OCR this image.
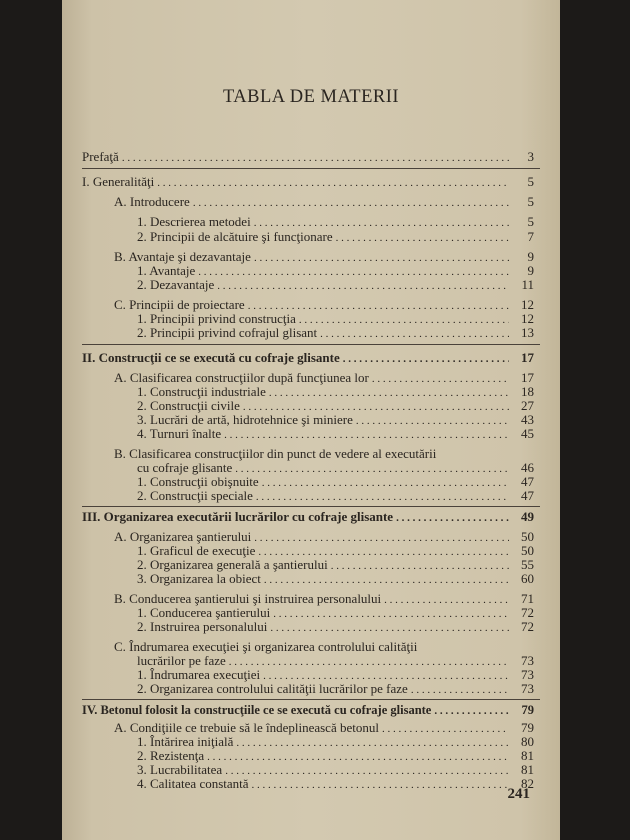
TABLA DE MATERII
Prefaţă . . .	3
I. Generalităţi . . .	5
A. Introducere . . .	5
1. Descrierea metodei . . .	5
2. Principii de alcătuire şi funcţionare . . .	7
B. Avantaje şi dezavantaje . . .	9
1. Avantaje . . .	9
2. Dezavantaje . . .	11
C. Principii de proiectare . . .	12
1. Principii privind construcţia . . .	12
2. Principii privind cofrajul glisant . . .	13
II. Construcţii ce se execută cu cofraje glisante . . .	17
A. Clasificarea construcţiilor după funcţiunea lor . . .	17
1. Construcţii industriale . . .	18
2. Construcţii civile . . .	27
3. Lucrări de artă, hidrotehnice şi miniere . . .	43
4. Turnuri înalte . . .	45
B. Clasificarea construcţiilor din punct de vedere al executării
cu cofraje glisante . . .	46
1. Construcţii obişnuite . . .	47
2. Construcţii speciale . . .	47
III. Organizarea executării lucrărilor cu cofraje glisante . . .	49
A. Organizarea şantierului . . .	50
1. Graficul de execuţie . . .	50
2. Organizarea generală a şantierului . . .	55
3. Organizarea la obiect . . .	60
B. Conducerea şantierului şi instruirea personalului . . .	71
1. Conducerea şantierului . . .	72
2. Instruirea personalului . . .	72
C. Îndrumarea execuţiei şi organizarea controlului calităţii
lucrărilor pe faze . . .	73
1. Îndrumarea execuţiei . . .	73
2. Organizarea controlului calităţii lucrărilor pe faze . . .	73
IV. Betonul folosit la construcţiile ce se execută cu cofraje glisante . . .	79
A. Condiţiile ce trebuie să le îndeplinească betonul . . .	79
1. Întărirea iniţială . . .	80
2. Rezistenţa . . .	81
3. Lucrabilitatea . . .	81
4. Calitatea constantă . . .	82
241
